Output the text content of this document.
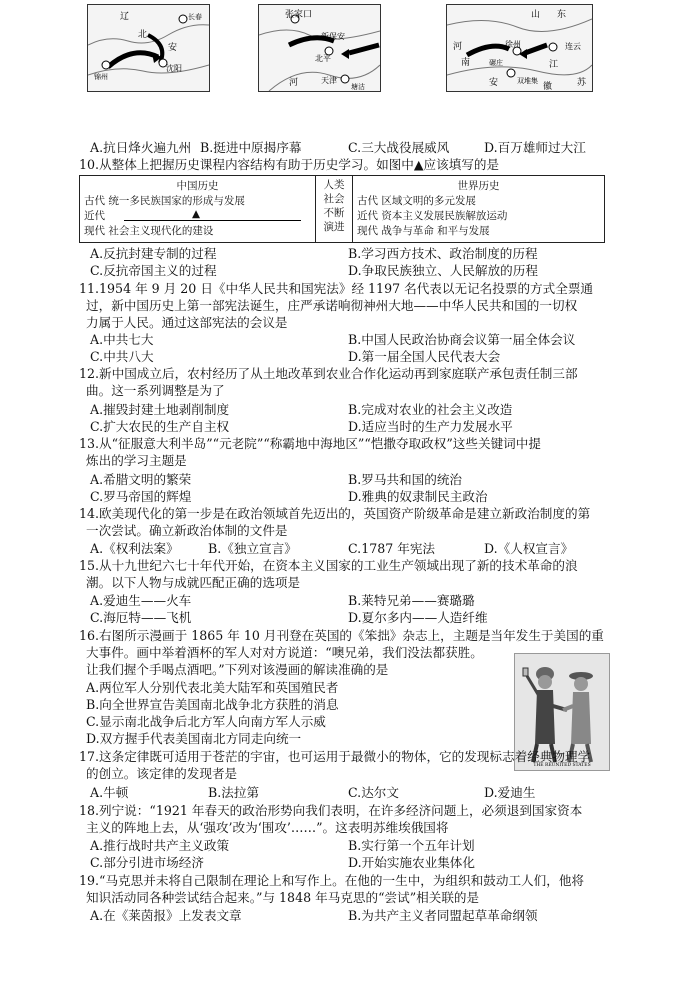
辽
北
安
沈阳
锦州
长春	张家口
新保安
北平
天津
塘沽
河
山 东
连云
河
南
徐州
碾庄	江
苏
双堆集
安	徽
A.抗日烽火遍九州 B.挺进中原揭序幕	C.三大战役展威风	D.百万雄师过大江
10.从整体上把握历史课程内容结构有助于历史学习。如图中▲应该填写的是
中国历史
古代 统一多民族国家的形成与发展
近代	▲
现代 社会主义现代化的建设

人类
社会
不断
演进

世界历史
古代 区域文明的多元发展
近代 资本主义发展民族解放运动
现代 战争与革命 和平与发展
A.反抗封建专制的过程	B.学习西方技术、政治制度的历程
C.反抗帝国主义的过程	D.争取民族独立、人民解放的历程
11.1954 年 9 月 20 日《中华人民共和国宪法》经 1197 名代表以无记名投票的方式全票通
过，新中国历史上第一部宪法诞生，庄严承诺响彻神州大地——中华人民共和国的一切权
力属于人民。通过这部宪法的会议是
A.中共七大	B.中国人民政治协商会议第一届全体会议
C.中共八大	D.第一届全国人民代表大会
12.新中国成立后，农村经历了从土地改革到农业合作化运动再到家庭联产承包责任制三部
曲。这一系列调整是为了
A.摧毁封建土地剥削制度	B.完成对农业的社会主义改造
C.扩大农民的生产自主权	D.适应当时的生产力发展水平
13.从“征服意大利半岛”“元老院”“称霸地中海地区”“恺撒夺取政权”这些关键词中提
炼出的学习主题是
A.希腊文明的繁荣	B.罗马共和国的统治
C.罗马帝国的辉煌	D.雅典的奴隶制民主政治
14.欧美现代化的第一步是在政治领域首先迈出的，英国资产阶级革命是建立新政治制度的第
一次尝试。确立新政治体制的文件是
A.《权利法案》 B.《独立宣言》	C.1787 年宪法	D.《人权宣言》
15.从十九世纪六七十年代开始，在资本主义国家的工业生产领域出现了新的技术革命的浪
潮。以下人物与成就匹配正确的选项是
A.爱迪生——火车	B.莱特兄弟——赛璐璐
C.海厄特——飞机	D.夏尔多内——人造纤维
16.右图所示漫画于 1865 年 10 月刊登在英国的《笨拙》杂志上，主题是当年发生于美国的重
大事件。画中举着酒杯的军人对对方说道：“噢兄弟，我们没法都获胜。
让我们握个手喝点酒吧。”下列对该漫画的解读准确的是
A.两位军人分别代表北美大陆军和英国殖民者
B.向全世界宣告美国南北战争北方获胜的消息
C.显示南北战争后北方军人向南方军人示威
D.双方握手代表美国南北方同走向统一
THE REUNITED STATES
17.这条定律既可适用于苍茫的宇宙，也可运用于最微小的物体，它的发现标志着经典物理学
的创立。该定律的发现者是
A.牛顿	B.法拉第	C.达尔文	D.爱迪生
18.列宁说：“1921 年春天的政治形势向我们表明，在许多经济问题上，必须退到国家资本
主义的阵地上去，从‘强攻’改为‘围攻’……”。这表明苏维埃俄国将
A.推行战时共产主义政策	B.实行第一个五年计划
C.部分引进市场经济	D.开始实施农业集体化
19.“马克思并未将自己限制在理论上和写作上。在他的一生中，为组织和鼓动工人们，他将
知识活动同各种尝试结合起来。”与 1848 年马克思的“尝试”相关联的是
A.在《莱茵报》上发表文章	B.为共产主义者同盟起草革命纲领
